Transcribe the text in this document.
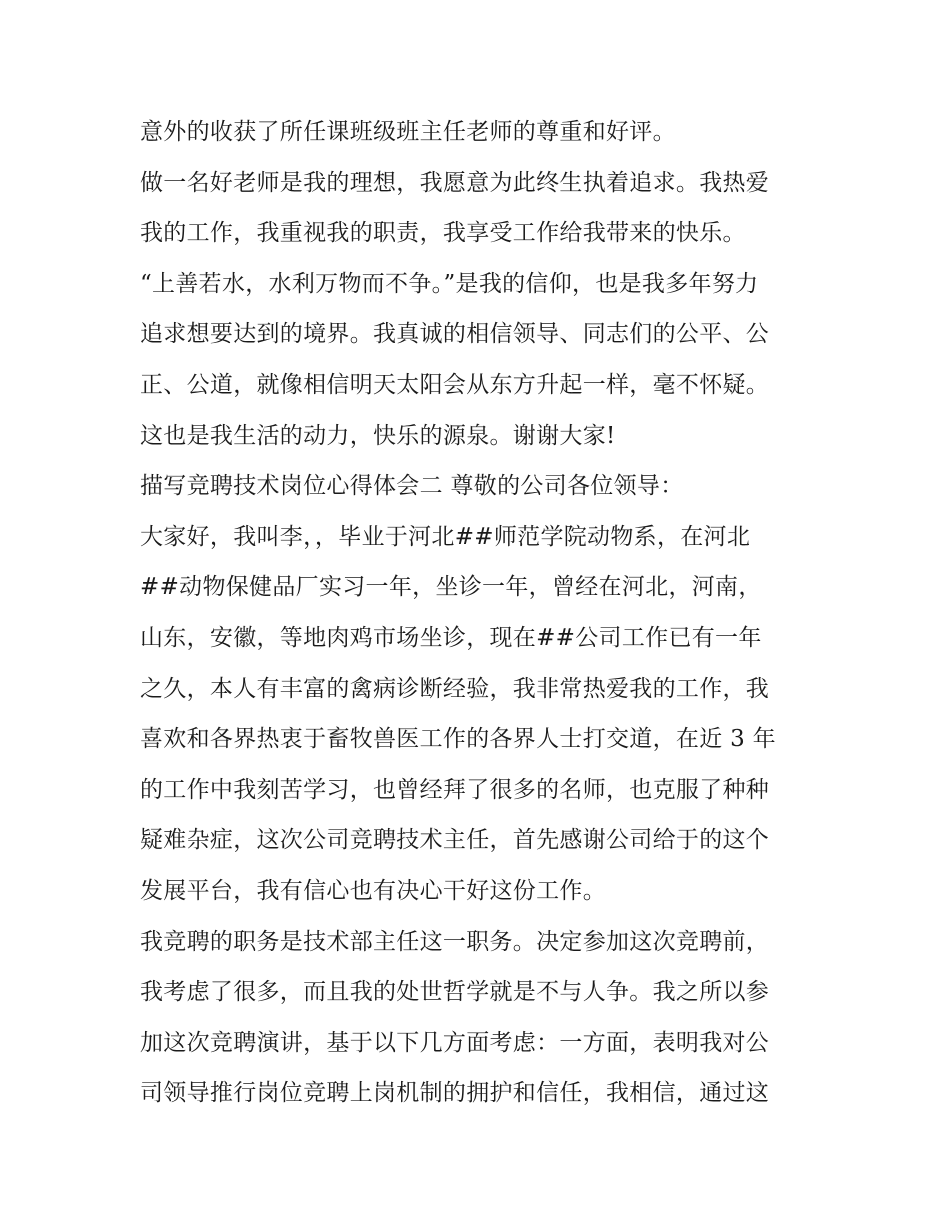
意外的收获了所任课班级班主任老师的尊重和好评。
做一名好老师是我的理想，我愿意为此终生执着追求。我热爱
我的工作，我重视我的职责，我享受工作给我带来的快乐。
“上善若水，水利万物而不争。”是我的信仰，也是我多年努力
追求想要达到的境界。我真诚的相信领导、同志们的公平、公
正、公道，就像相信明天太阳会从东方升起一样，毫不怀疑。
这也是我生活的动力，快乐的源泉。谢谢大家!
描写竞聘技术岗位心得体会二 尊敬的公司各位领导：
大家好，我叫李，，毕业于河北##师范学院动物系，在河北
##动物保健品厂实习一年，坐诊一年，曾经在河北，河南，
山东，安徽，等地肉鸡市场坐诊，现在##公司工作已有一年
之久，本人有丰富的禽病诊断经验，我非常热爱我的工作，我
喜欢和各界热衷于畜牧兽医工作的各界人士打交道，在近 3 年
的工作中我刻苦学习，也曾经拜了很多的名师，也克服了种种
疑难杂症，这次公司竞聘技术主任，首先感谢公司给于的这个
发展平台，我有信心也有决心干好这份工作。
我竞聘的职务是技术部主任这一职务。决定参加这次竞聘前，
我考虑了很多，而且我的处世哲学就是不与人争。我之所以参
加这次竞聘演讲，基于以下几方面考虑：一方面，表明我对公
司领导推行岗位竞聘上岗机制的拥护和信任，我相信，通过这
